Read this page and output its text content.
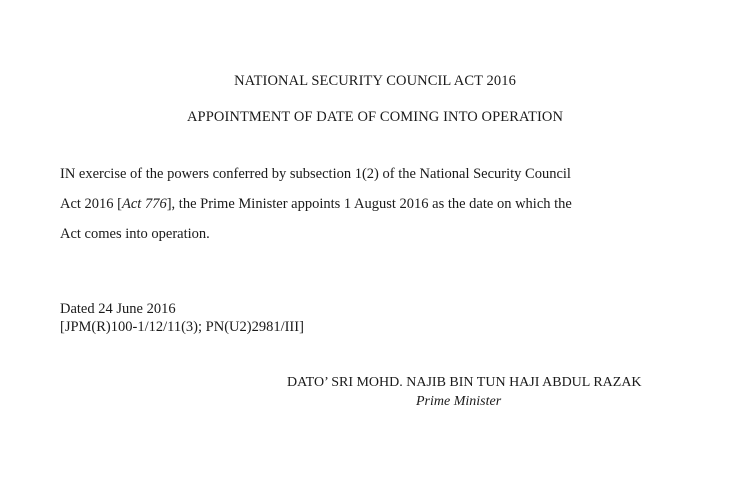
NATIONAL SECURITY COUNCIL ACT 2016
APPOINTMENT OF DATE OF COMING INTO OPERATION
IN exercise of the powers conferred by subsection 1(2) of the National Security Council
Act 2016 [Act 776], the Prime Minister appoints 1 August 2016 as the date on which the
Act comes into operation.
Dated 24 June 2016
[JPM(R)100-1/12/11(3); PN(U2)2981/III]
DATO’ SRI MOHD. NAJIB BIN TUN HAJI ABDUL RAZAK
Prime Minister
